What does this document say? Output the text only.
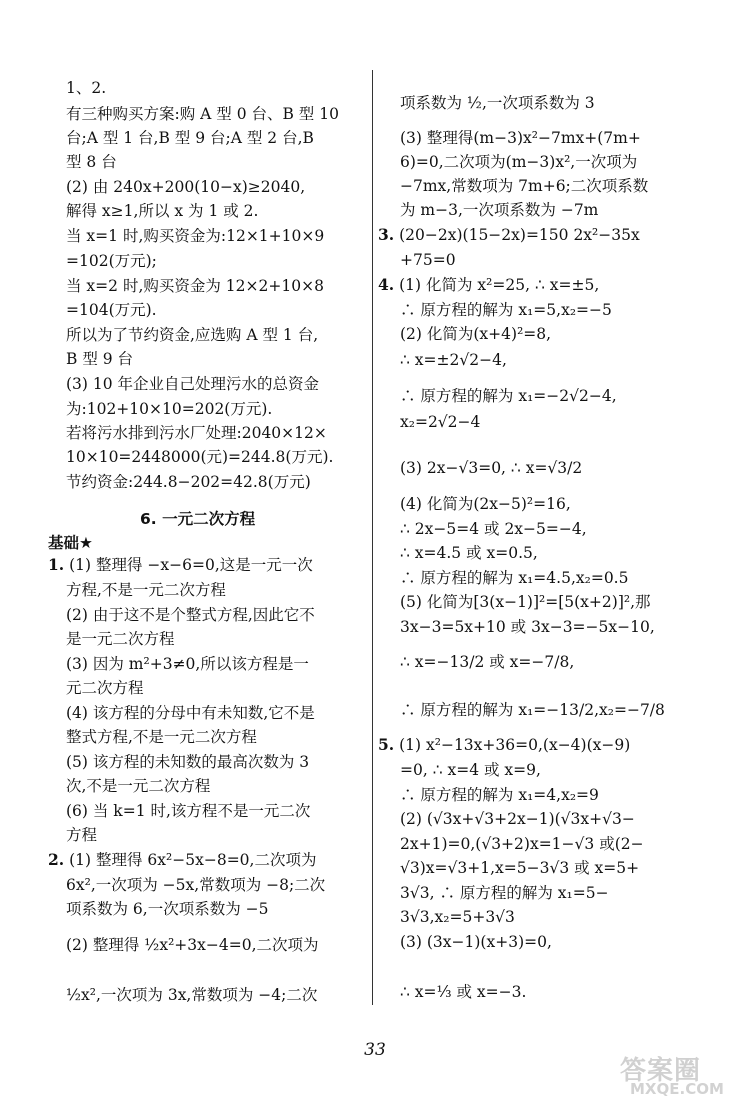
1、2.
有三种购买方案:购 A 型 0 台、B 型 10
台;A 型 1 台,B 型 9 台;A 型 2 台,B
型 8 台
(2) 由 240x+200(10−x)≥2040,
解得 x≥1,所以 x 为 1 或 2.
当 x=1 时,购买资金为:12×1+10×9
=102(万元);
当 x=2 时,购买资金为 12×2+10×8
=104(万元).
所以为了节约资金,应选购 A 型 1 台,
B 型 9 台
(3) 10 年企业自己处理污水的总资金
为:102+10×10=202(万元).
若将污水排到污水厂处理:2040×12×
10×10=2448000(元)=244.8(万元).
节约资金:244.8−202=42.8(万元)
1. (1) 整理得 −x−6=0,这是一元一次
方程,不是一元二次方程
(2) 由于这不是个整式方程,因此它不
是一元二次方程
(3) 因为 m²+3≠0,所以该方程是一
元二次方程
(4) 该方程的分母中有未知数,它不是
整式方程,不是一元二次方程
(5) 该方程的未知数的最高次数为 3
次,不是一元二次方程
(6) 当 k=1 时,该方程不是一元二次
方程
2. (1) 整理得 6x²−5x−8=0,二次项为
6x²,一次项为 −5x,常数项为 −8;二次
项系数为 6,一次项系数为 −5
(2) 整理得 ½x²+3x−4=0,二次项为
½x²,一次项为 3x,常数项为 −4;二次
项系数为 ½,一次项系数为 3
(3) 整理得(m−3)x²−7mx+(7m+
6)=0,二次项为(m−3)x²,一次项为
−7mx,常数项为 7m+6;二次项系数
为 m−3,一次项系数为 −7m
3. (20−2x)(15−2x)=150 2x²−35x
+75=0
4. (1) 化简为 x²=25, ∴ x=±5,
∴ 原方程的解为 x₁=5,x₂=−5
(2) 化简为(x+4)²=8,
∴ x=±2√2−4,
∴ 原方程的解为 x₁=−2√2−4,
x₂=2√2−4
(3) 2x−√3=0, ∴ x=√3/2
(4) 化简为(2x−5)²=16,
∴ 2x−5=4 或 2x−5=−4,
∴ x=4.5 或 x=0.5,
∴ 原方程的解为 x₁=4.5,x₂=0.5
(5) 化简为[3(x−1)]²=[5(x+2)]²,那
3x−3=5x+10 或 3x−3=−5x−10,
∴ x=−13/2 或 x=−7/8,
∴ 原方程的解为 x₁=−13/2,x₂=−7/8
5. (1) x²−13x+36=0,(x−4)(x−9)
=0, ∴ x=4 或 x=9,
∴ 原方程的解为 x₁=4,x₂=9
(2) (√3x+√3+2x−1)(√3x+√3−
2x+1)=0,(√3+2)x=1−√3 或(2−
√3)x=√3+1,x=5−3√3 或 x=5+
3√3, ∴ 原方程的解为 x₁=5−
3√3,x₂=5+3√3
(3) (3x−1)(x+3)=0,
∴ x=⅓ 或 x=−3.
6. 一元二次方程
基础★
33
答案圈
MXQE.COM
